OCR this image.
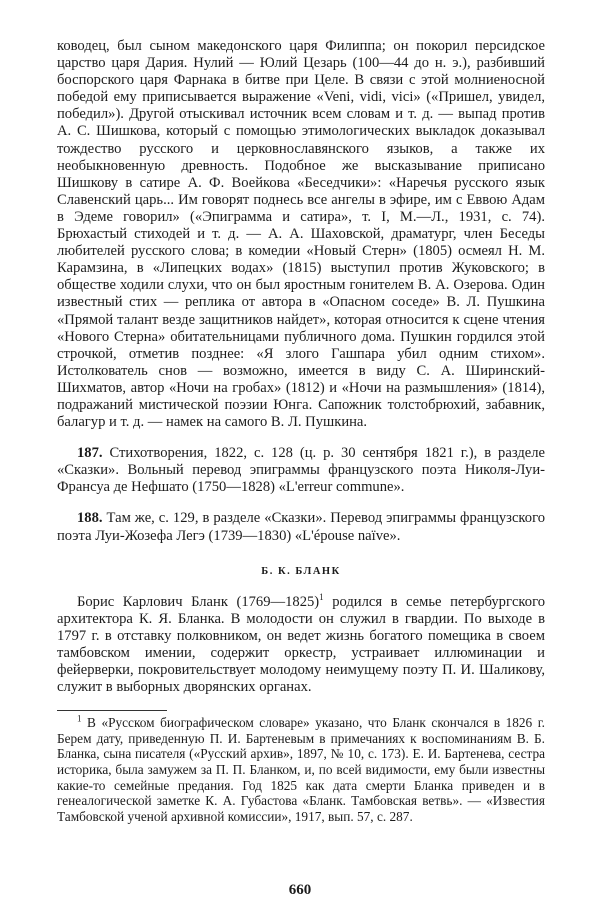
ководец, был сыном македонского царя Филиппа; он покорил персидское царство царя Дария. Нулий — Юлий Цезарь (100—44 до н. э.), разбивший боспорского царя Фарнака в битве при Целе. В связи с этой молниеносной победой ему приписывается выражение «Veni, vidi, vici» («Пришел, увидел, победил»). Другой отыскивал источник всем словам и т. д. — выпад против А. С. Шишкова, который с помощью этимологических выкладок доказывал тождество русского и церковнославянского языков, а также их необыкновенную древность. Подобное же высказывание приписано Шишкову в сатире А. Ф. Воейкова «Беседчики»: «Наречья русского язык Славенский царь... Им говорят поднесь все ангелы в эфире, им с Еввою Адам в Эдеме говорил» («Эпиграмма и сатира», т. I, М.—Л., 1931, с. 74). Брюхастый стиходей и т. д. — А. А. Шаховской, драматург, член Беседы любителей русского слова; в комедии «Новый Стерн» (1805) осмеял Н. М. Карамзина, в «Липецких водах» (1815) выступил против Жуковского; в обществе ходили слухи, что он был яростным гонителем В. А. Озерова. Один известный стих — реплика от автора в «Опасном соседе» В. Л. Пушкина «Прямой талант везде защитников найдет», которая относится к сцене чтения «Нового Стерна» обитательницами публичного дома. Пушкин гордился этой строчкой, отметив позднее: «Я злого Гашпара убил одним стихом». Истолкователь снов — возможно, имеется в виду С. А. Ширинский-Шихматов, автор «Ночи на гробах» (1812) и «Ночи на размышления» (1814), подражаний мистической поэзии Юнга. Сапожник толстобрюхий, забавник, балагур и т. д. — намек на самого В. Л. Пушкина.

187. Стихотворения, 1822, с. 128 (ц. р. 30 сентября 1821 г.), в разделе «Сказки». Вольный перевод эпиграммы французского поэта Николя-Луи-Франсуа де Нефшато (1750—1828) «L'erreur commune».

188. Там же, с. 129, в разделе «Сказки». Перевод эпиграммы французского поэта Луи-Жозефа Легэ (1739—1830) «L'épouse naïve».

Б. К. БЛАНК

Борис Карлович Бланк (1769—1825)$^1$ родился в семье петербургского архитектора К. Я. Бланка. В молодости он служил в гвардии. По выходе в 1797 г. в отставку полковником, он ведет жизнь богатого помещика в своем тамбовском имении, содержит оркестр, устраивает иллюминации и фейерверки, покровительствует молодому неимущему поэту П. И. Шаликову, служит в выборных дворянских органах.

$^1$ В «Русском биографическом словаре» указано, что Бланк скончался в 1826 г. Берем дату, приведенную П. И. Бартеневым в примечаниях к воспоминаниям В. Б. Бланка, сына писателя («Русский архив», 1897, № 10, с. 173). Е. И. Бартенева, сестра историка, была замужем за П. П. Бланком, и, по всей видимости, ему были известны какие-то семейные предания. Год 1825 как дата смерти Бланка приведен и в генеалогической заметке К. А. Губастова «Бланк. Тамбовская ветвь». — «Известия Тамбовской ученой архивной комиссии», 1917, вып. 57, с. 287.

660
